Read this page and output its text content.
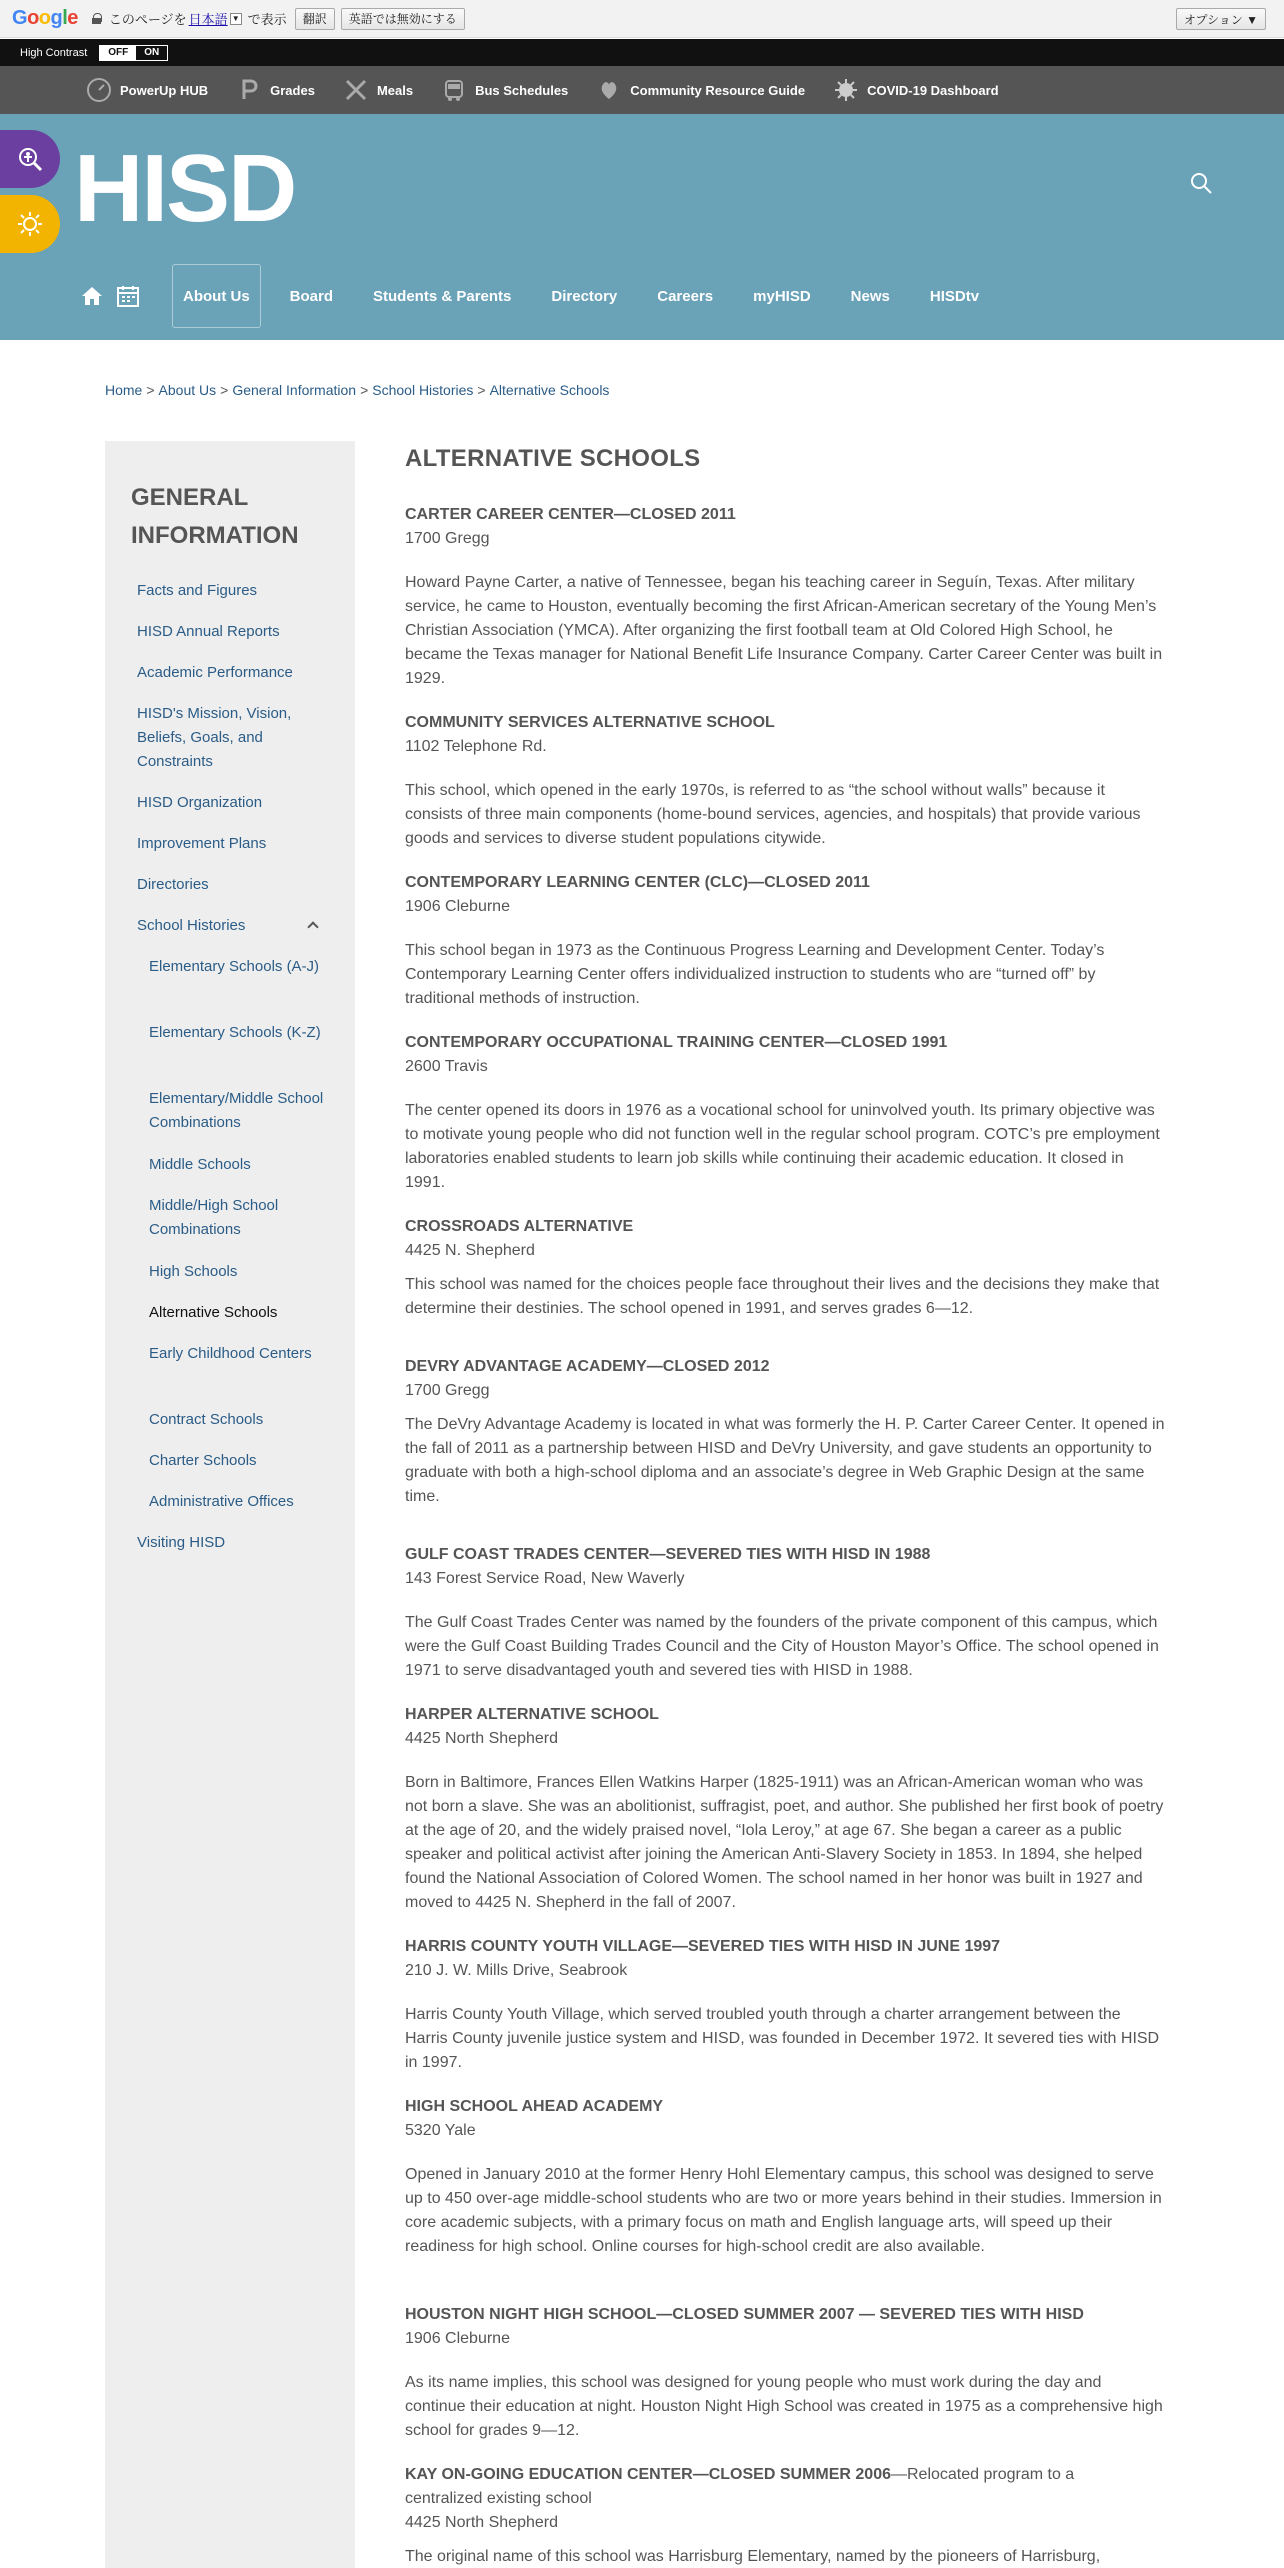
Google このページを 日本語 ▼ で表示	翻訳	英語では無効にする	オプション ▼
High Contrast	OFF	ON
PowerUp HUB	Grades	Meals	Bus Schedules	Community Resource Guide	COVID-19 Dashboard
HISD
About Us	Board	Students & Parents	Directory	Careers	myHISD	News	HISDtv
Home > About Us > General Information > School Histories > Alternative Schools
GENERAL INFORMATION
Facts and Figures
HISD Annual Reports
Academic Performance
HISD's Mission, Vision, Beliefs, Goals, and Constraints
HISD Organization
Improvement Plans
Directories
School Histories
Elementary Schools (A-J)
Elementary Schools (K-Z)
Elementary/Middle School Combinations
Middle Schools
Middle/High School Combinations
High Schools
Alternative Schools
Early Childhood Centers
Contract Schools
Charter Schools
Administrative Offices
Visiting HISD
ALTERNATIVE SCHOOLS
CARTER CAREER CENTER—CLOSED 2011
1700 Gregg

Howard Payne Carter, a native of Tennessee, began his teaching career in Seguín, Texas. After military service, he came to Houston, eventually becoming the first African-American secretary of the Young Men’s Christian Association (YMCA). After organizing the first football team at Old Colored High School, he became the Texas manager for National Benefit Life Insurance Company. Carter Career Center was built in 1929.

COMMUNITY SERVICES ALTERNATIVE SCHOOL
1102 Telephone Rd.

This school, which opened in the early 1970s, is referred to as “the school without walls” because it consists of three main components (home-bound services, agencies, and hospitals) that provide various goods and services to diverse student populations citywide.

CONTEMPORARY LEARNING CENTER (CLC)—CLOSED 2011
1906 Cleburne

This school began in 1973 as the Continuous Progress Learning and Development Center. Today’s Contemporary Learning Center offers individualized instruction to students who are “turned off” by traditional methods of instruction.

CONTEMPORARY OCCUPATIONAL TRAINING CENTER—CLOSED 1991
2600 Travis

The center opened its doors in 1976 as a vocational school for uninvolved youth. Its primary objective was to motivate young people who did not function well in the regular school program. COTC’s pre employment laboratories enabled students to learn job skills while continuing their academic education. It closed in 1991.

CROSSROADS ALTERNATIVE
4425 N. Shepherd

This school was named for the choices people face throughout their lives and the decisions they make that determine their destinies. The school opened in 1991, and serves grades 6—12.

DEVRY ADVANTAGE ACADEMY—CLOSED 2012
1700 Gregg

The DeVry Advantage Academy is located in what was formerly the H. P. Carter Career Center. It opened in the fall of 2011 as a partnership between HISD and DeVry University, and gave students an opportunity to graduate with both a high-school diploma and an associate’s degree in Web Graphic Design at the same time.

GULF COAST TRADES CENTER—SEVERED TIES WITH HISD IN 1988
143 Forest Service Road, New Waverly

The Gulf Coast Trades Center was named by the founders of the private component of this campus, which were the Gulf Coast Building Trades Council and the City of Houston Mayor’s Office. The school opened in 1971 to serve disadvantaged youth and severed ties with HISD in 1988.

HARPER ALTERNATIVE SCHOOL
4425 North Shepherd

Born in Baltimore, Frances Ellen Watkins Harper (1825-1911) was an African-American woman who was not born a slave. She was an abolitionist, suffragist, poet, and author. She published her first book of poetry at the age of 20, and the widely praised novel, “Iola Leroy,” at age 67. She began a career as a public speaker and political activist after joining the American Anti-Slavery Society in 1853. In 1894, she helped found the National Association of Colored Women. The school named in her honor was built in 1927 and moved to 4425 N. Shepherd in the fall of 2007.

HARRIS COUNTY YOUTH VILLAGE—SEVERED TIES WITH HISD IN JUNE 1997
210 J. W. Mills Drive, Seabrook

Harris County Youth Village, which served troubled youth through a charter arrangement between the Harris County juvenile justice system and HISD, was founded in December 1972. It severed ties with HISD in 1997.

HIGH SCHOOL AHEAD ACADEMY
5320 Yale

Opened in January 2010 at the former Henry Hohl Elementary campus, this school was designed to serve up to 450 over-age middle-school students who are two or more years behind in their studies. Immersion in core academic subjects, with a primary focus on math and English language arts, will speed up their readiness for high school. Online courses for high-school credit are also available.

HOUSTON NIGHT HIGH SCHOOL—CLOSED SUMMER 2007 — SEVERED TIES WITH HISD
1906 Cleburne

As its name implies, this school was designed for young people who must work during the day and continue their education at night. Houston Night High School was created in 1975 as a comprehensive high school for grades 9—12.

KAY ON-GOING EDUCATION CENTER—CLOSED SUMMER 2006—Relocated program to a centralized existing school
4425 North Shepherd

The original name of this school was Harrisburg Elementary, named by the pioneers of Harrisburg,
